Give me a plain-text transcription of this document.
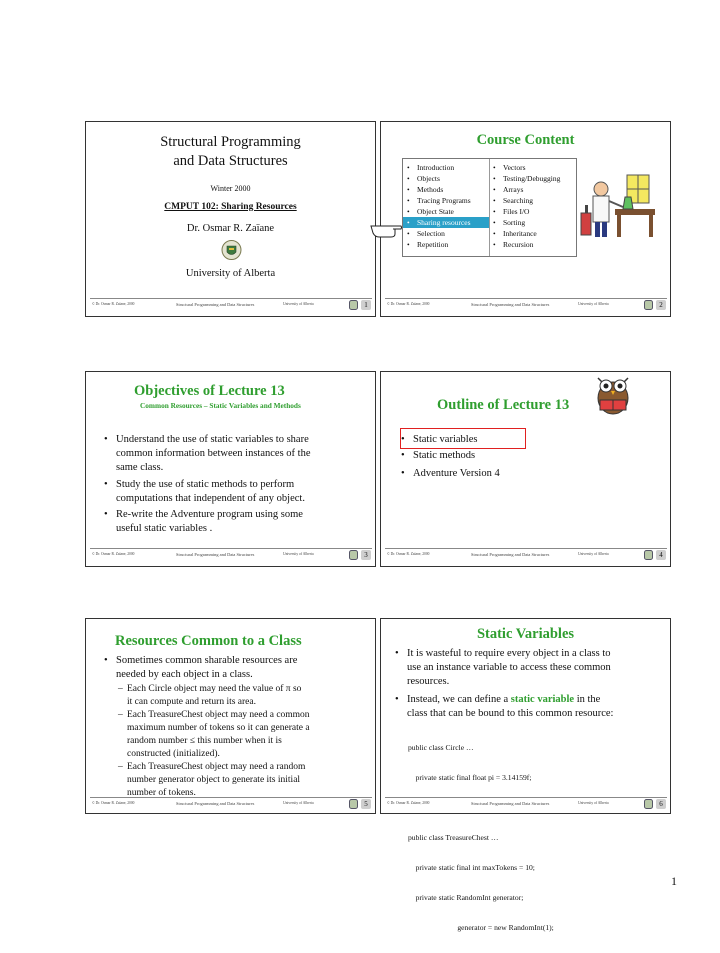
Structural Programming
and Data Structures
Winter 2000
CMPUT 102: Sharing Resources
Dr. Osmar R. Zaïane
University of Alberta
© Dr. Osmar R. Zaïane, 2000	Structural Programming and Data Structures	University of Alberta	1
Course Content
• Introduction
• Objects
• Methods
• Tracing Programs
• Object State
• Sharing resources
• Selection
• Repetition
• Vectors
• Testing/Debugging
• Arrays
• Searching
• Files I/O
• Sorting
• Inheritance
• Recursion
© Dr. Osmar R. Zaïane, 2000	Structural Programming and Data Structures	University of Alberta	2
Objectives of Lecture 13
Common Resources – Static Variables and Methods
• Understand the use of static variables to share
common information between instances of the
same class.
• Study the use of static methods to perform
computations that independent of any object.
• Re-write the Adventure program using some
useful static variables .
© Dr. Osmar R. Zaïane, 2000	Structural Programming and Data Structures	University of Alberta	3
Outline of Lecture 13
• Static variables
• Static methods
• Adventure Version 4
© Dr. Osmar R. Zaïane, 2000	Structural Programming and Data Structures	University of Alberta	4
Resources Common to a Class
• Sometimes common sharable resources are
needed by each object in a class.
– Each Circle object may need the value of π so
it can compute and return its area.
– Each TreasureChest object may need a common
maximum number of tokens so it can generate a
random number ≤ this number when it is
constructed (initialized).
– Each TreasureChest object may need a random
number generator object to generate its initial
number of tokens.
© Dr. Osmar R. Zaïane, 2000	Structural Programming and Data Structures	University of Alberta	5
Static Variables
• It is wasteful to require every object in a class to
use an instance variable to access these common
resources.
• Instead, we can define a static variable in the
class that can be bound to this common resource:

public class Circle …

private static final float pi = 3.14159f;

public class TreasureChest …

private static final int maxTokens = 10;

private static RandomInt generator;

generator = new RandomInt(1);

© Dr. Osmar R. Zaïane, 2000	Structural Programming and Data Structures	University of Alberta	6
1
